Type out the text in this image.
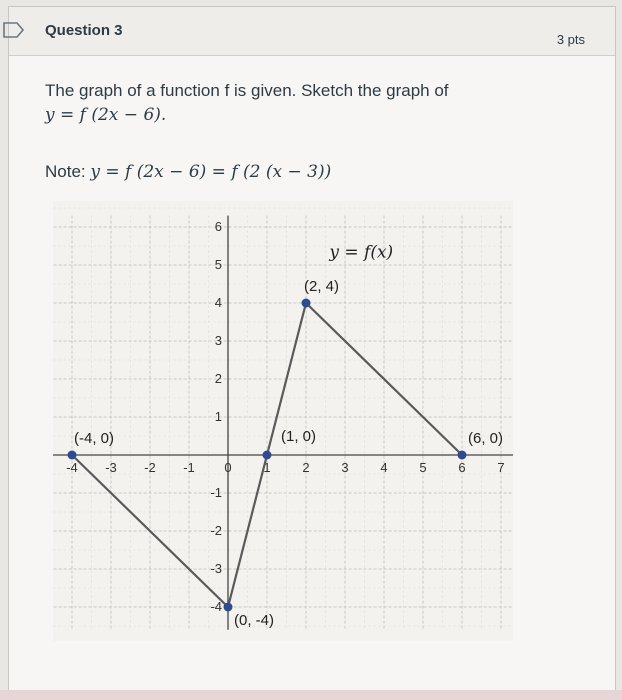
Question 3
3 pts
The graph of a function f is given. Sketch the graph of
y = f (2x − 6).
Note: y = f (2x − 6) = f (2 (x − 3))
-4 -3 -2 -1 0 1 2 3 4 5 6 7
-4
-3
-2
-1
1
2
3
4
5
6
(-4, 0)
(0, -4)
(1, 0)
(2, 4)
(6, 0)
y = f(x)
